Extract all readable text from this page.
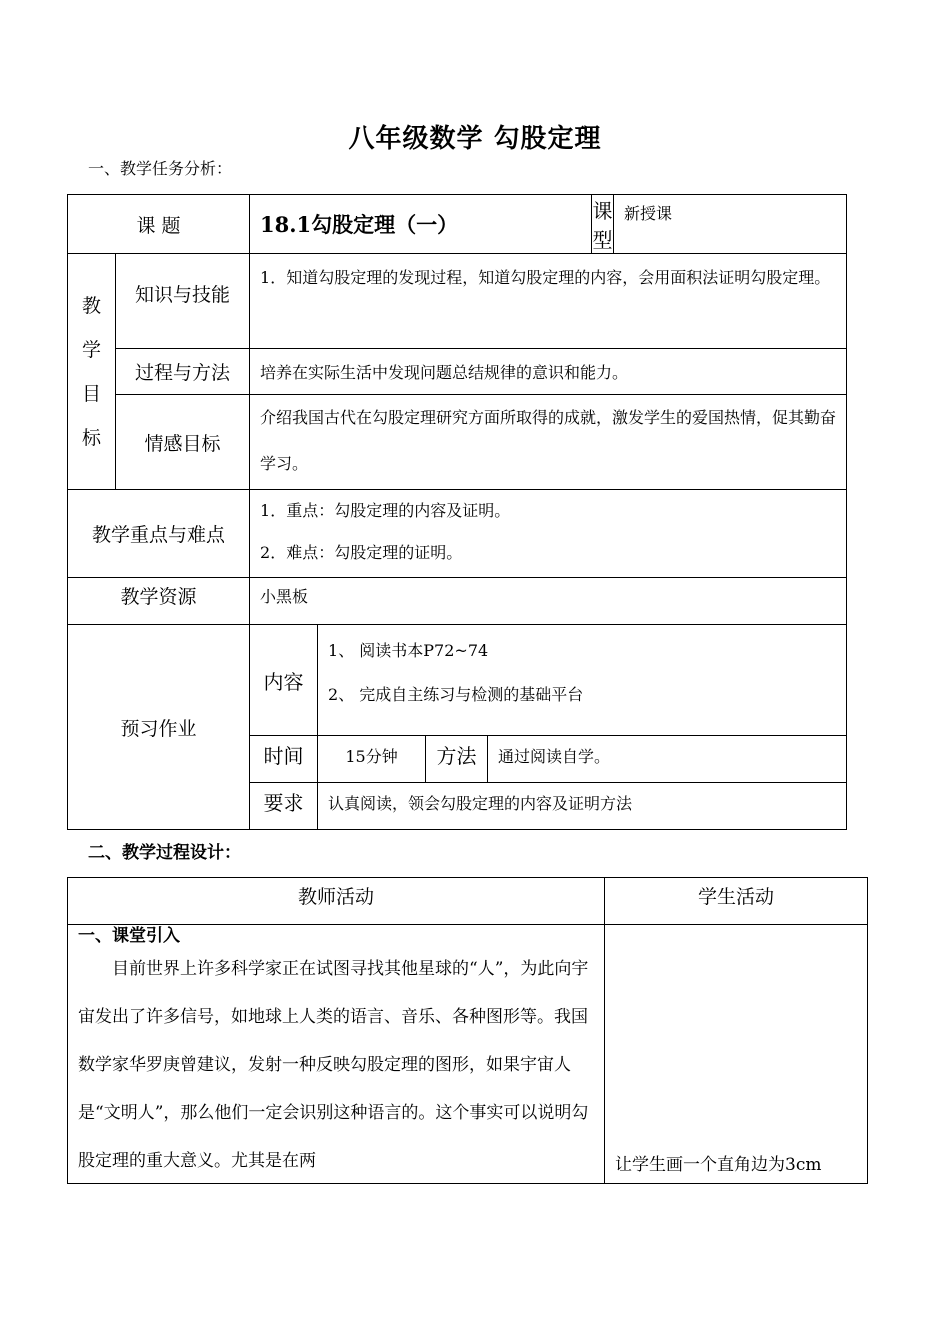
八年级数学 勾股定理
一、教学任务分析：
课 题		18.1勾股定理（一）				课型	新授课

教
学
目
标	知识与技能	1．知道勾股定理的发现过程，知道勾股定理的内容，会用面积法证明勾股定理。					
	过程与方法	培养在实际生活中发现问题总结规律的意识和能力。					
	情感目标	介绍我国古代在勾股定理研究方面所取得的成就，激发学生的爱国热情，促其勤奋学习。					
教学重点与难点		1．重点：勾股定理的内容及证明。
2．难点：勾股定理的证明。					

教学资源		小黑板					
预习作业		内容	1、 阅读书本P72~74
2、 完成自主练习与检测的基础平台				

		时间	15分钟	方法	通过阅读自学。		
		要求	认真阅读，领会勾股定理的内容及证明方法				
二、教学过程设计：
教师活动	学生活动

一、课堂引入
目前世界上许多科学家正在试图寻找其他星球的“人”，为此向宇宙发出了许多信号，如地球上人类的语言、音乐、各种图形等。我国数学家华罗庚曾建议，发射一种反映勾股定理的图形，如果宇宙人是“文明人”，那么他们一定会识别这种语言的。这个事实可以说明勾股定理的重大意义。尤其是在两	让学生画一个直角边为3cm
